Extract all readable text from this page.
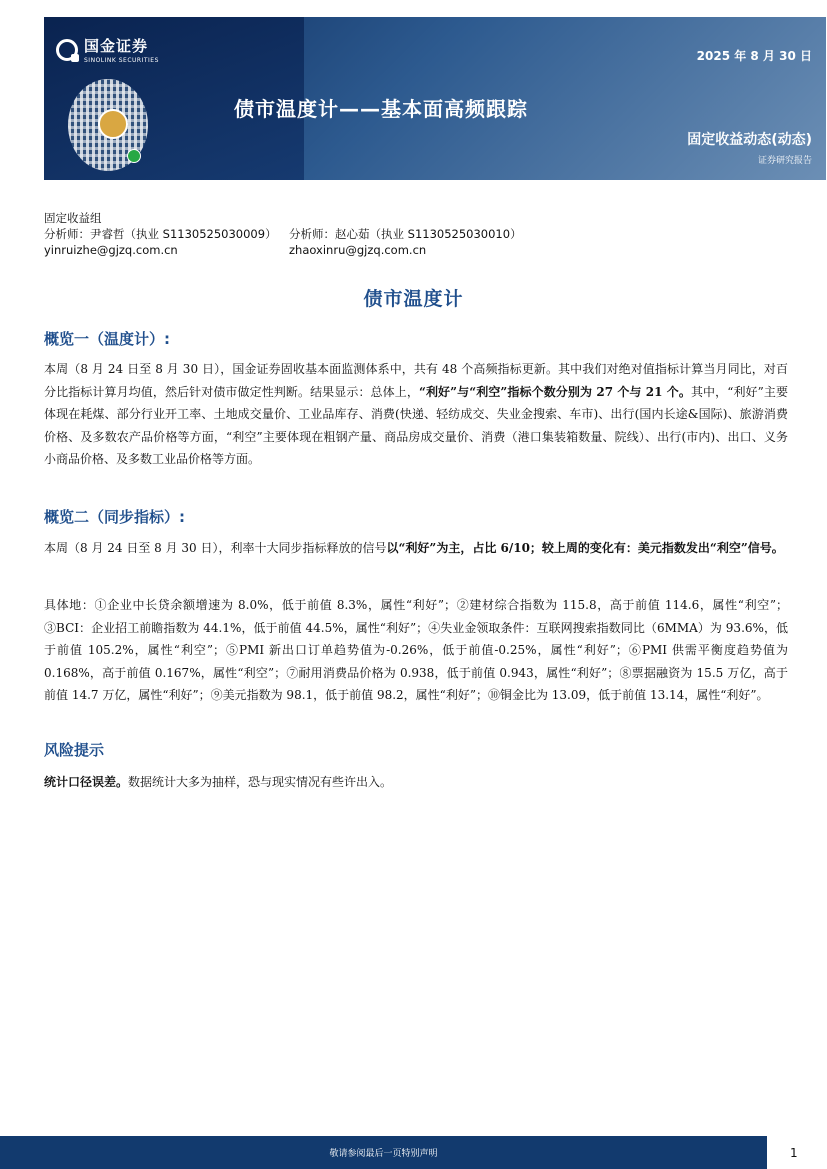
国金证券
SINOLINK SECURITIES	2025 年 8 月 30 日
债市温度计——基本面高频跟踪
固定收益动态(动态)
证券研究报告
固定收益组
分析师：尹睿哲（执业 S1130525030009）	分析师：赵心茹（执业 S1130525030010）
yinruizhe@gjzq.com.cn	zhaoxinru@gjzq.com.cn
债市温度计
概览一（温度计）:
本周（8 月 24 日至 8 月 30 日），国金证券固收基本面监测体系中，共有 48 个高频指标更新。其中我们对绝对值指标计算当月同比，对百分比指标计算月均值，然后针对债市做定性判断。结果显示：总体上，“利好”与“利空”指标个数分别为 27 个与 21 个。其中，“利好”主要体现在耗煤、部分行业开工率、土地成交量价、工业品库存、消费(快递、轻纺成交、失业金搜索、车市)、出行(国内长途&国际)、旅游消费价格、及多数农产品价格等方面，“利空”主要体现在粗钢产量、商品房成交量价、消费（港口集装箱数量、院线）、出行(市内)、出口、义务小商品价格、及多数工业品价格等方面。
概览二（同步指标）:
本周（8 月 24 日至 8 月 30 日），利率十大同步指标释放的信号以“利好”为主，占比 6/10；较上周的变化有：美元指数发出“利空”信号。
具体地：①企业中长贷余额增速为 8.0%，低于前值 8.3%，属性“利好”；②建材综合指数为 115.8，高于前值 114.6，属性“利空”；③BCI：企业招工前瞻指数为 44.1%，低于前值 44.5%，属性“利好”；④失业金领取条件：互联网搜索指数同比（6MMA）为 93.6%，低于前值 105.2%，属性“利空”；⑤PMI 新出口订单趋势值为-0.26%，低于前值-0.25%，属性“利好”；⑥PMI 供需平衡度趋势值为 0.168%，高于前值 0.167%，属性“利空”；⑦耐用消费品价格为 0.938，低于前值 0.943，属性“利好”；⑧票据融资为 15.5 万亿，高于前值 14.7 万亿，属性“利好”；⑨美元指数为 98.1，低于前值 98.2，属性“利好”；⑩铜金比为 13.09，低于前值 13.14，属性“利好”。
风险提示
统计口径误差。数据统计大多为抽样，恐与现实情况有些许出入。
敬请参阅最后一页特别声明	1
